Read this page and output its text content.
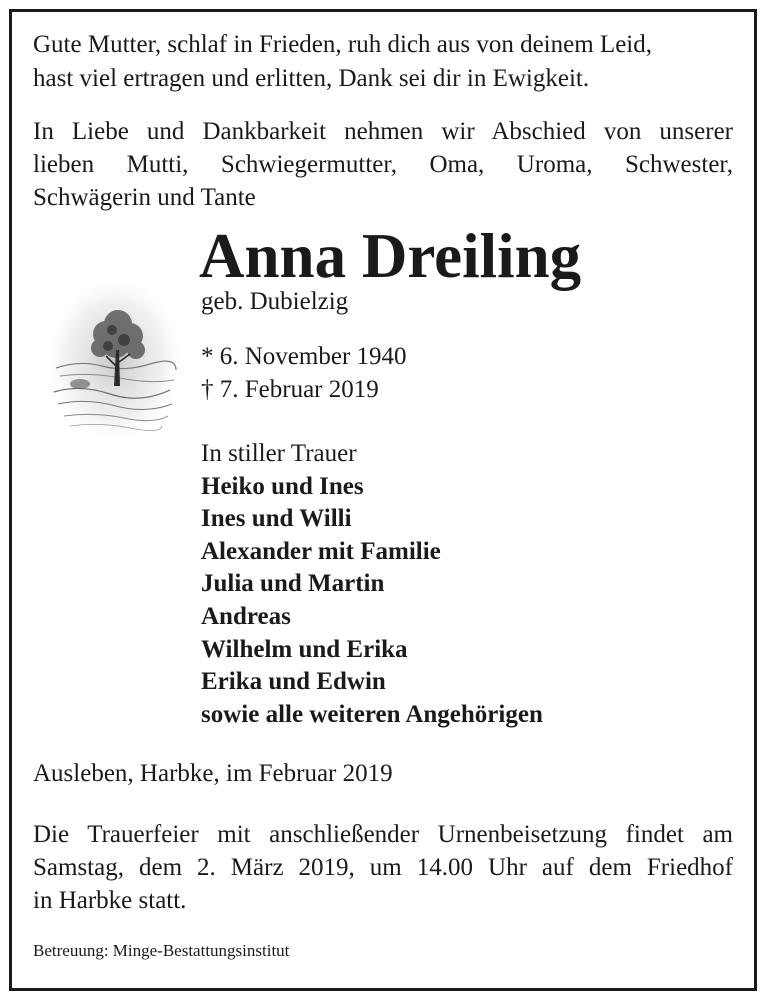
Gute Mutter, schlaf in Frieden, ruh dich aus von deinem Leid,
hast viel ertragen und erlitten, Dank sei dir in Ewigkeit.
In Liebe und Dankbarkeit nehmen wir Abschied von unserer
lieben Mutti, Schwiegermutter, Oma, Uroma, Schwester,
Schwägerin und Tante
Anna Dreiling
geb. Dubielzig
* 6. November 1940
† 7. Februar 2019
In stiller Trauer
Heiko und Ines
Ines und Willi
Alexander mit Familie
Julia und Martin
Andreas
Wilhelm und Erika
Erika und Edwin
sowie alle weiteren Angehörigen
Ausleben, Harbke, im Februar 2019
Die Trauerfeier mit anschließender Urnenbeisetzung findet am
Samstag, dem 2. März 2019, um 14.00 Uhr auf dem Friedhof
in Harbke statt.
Betreuung: Minge-Bestattungsinstitut
